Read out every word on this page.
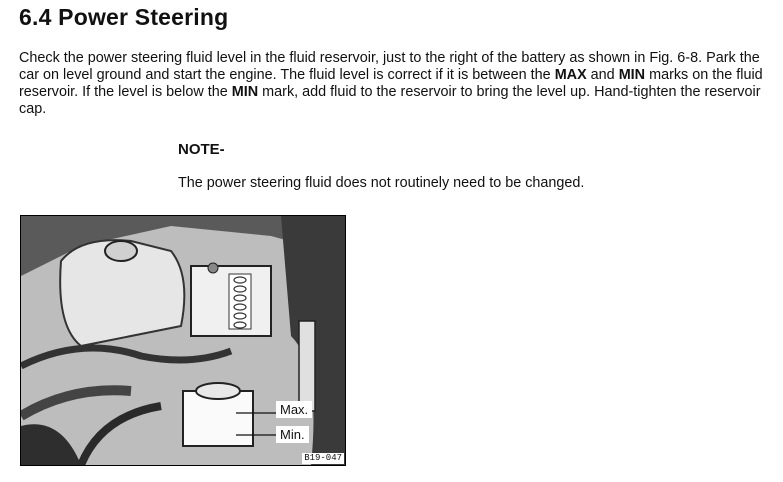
6.4 Power Steering

Check the power steering fluid level in the fluid reservoir, just to the right of the battery as shown in Fig. 6-8. Park the car on level ground and start the engine. The fluid level is correct if it is between the MAX and MIN marks on the fluid reservoir. If the level is below the MIN mark, add fluid to the reservoir to bring the level up. Hand-tighten the reservoir cap.

NOTE-

The power steering fluid does not routinely need to be changed.

Max.
Min.
B19-047
